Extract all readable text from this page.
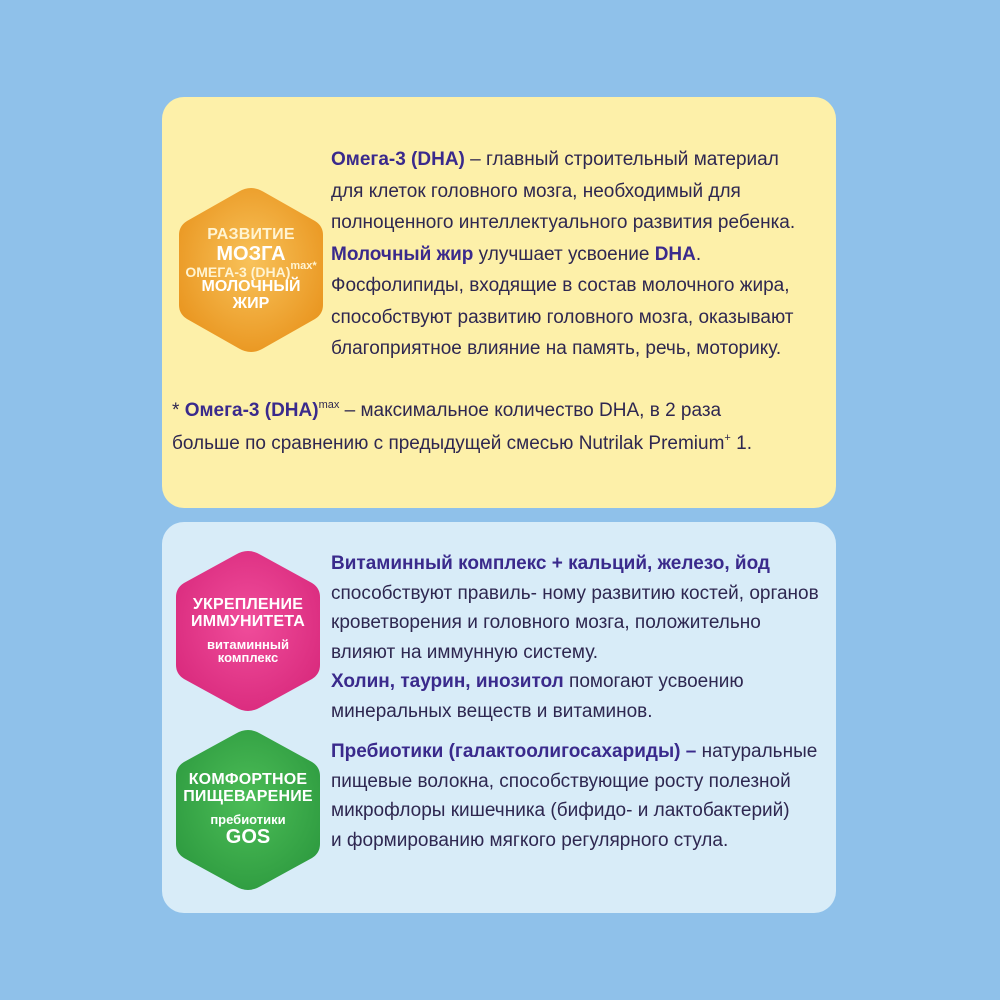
РАЗВИТИЕ
МОЗГА
ОМЕГА-3 (DHA)$^{max*}$
МОЛОЧНЫЙ
ЖИР
УКРЕПЛЕНИЕ
ИММУНИТЕТА
витаминный
комплекс
КОМФОРТНОЕ
ПИЩЕВАРЕНИЕ
пребиотики
GOS
Омега-3 (DHA) – главный строительный материал
для клеток головного мозга, необходимый для
полноценного интеллектуального развития ребенка.
Молочный жир улучшает усвоение DHA.
Фосфолипиды, входящие в состав молочного жира,
способствуют развитию головного мозга, оказывают
благоприятное влияние на память, речь, моторику.
* Омега-3 (DHA)$^{max}$ – максимальное количество DHA, в 2 раза
больше по сравнению с предыдущей смесью Nutrilak Premium+ 1.
Витаминный комплекс + кальций, железо, йод
способствуют правиль- ному развитию костей, органов
кроветворения и головного мозга, положительно
влияют на иммунную систему.
Холин, таурин, инозитол помогают усвоению
минеральных веществ и витаминов.
Пребиотики (галактоолигосахариды) – натуральные
пищевые волокна, способствующие росту полезной
микрофлоры кишечника (бифидо- и лактобактерий)
и формированию мягкого регулярного стула.
